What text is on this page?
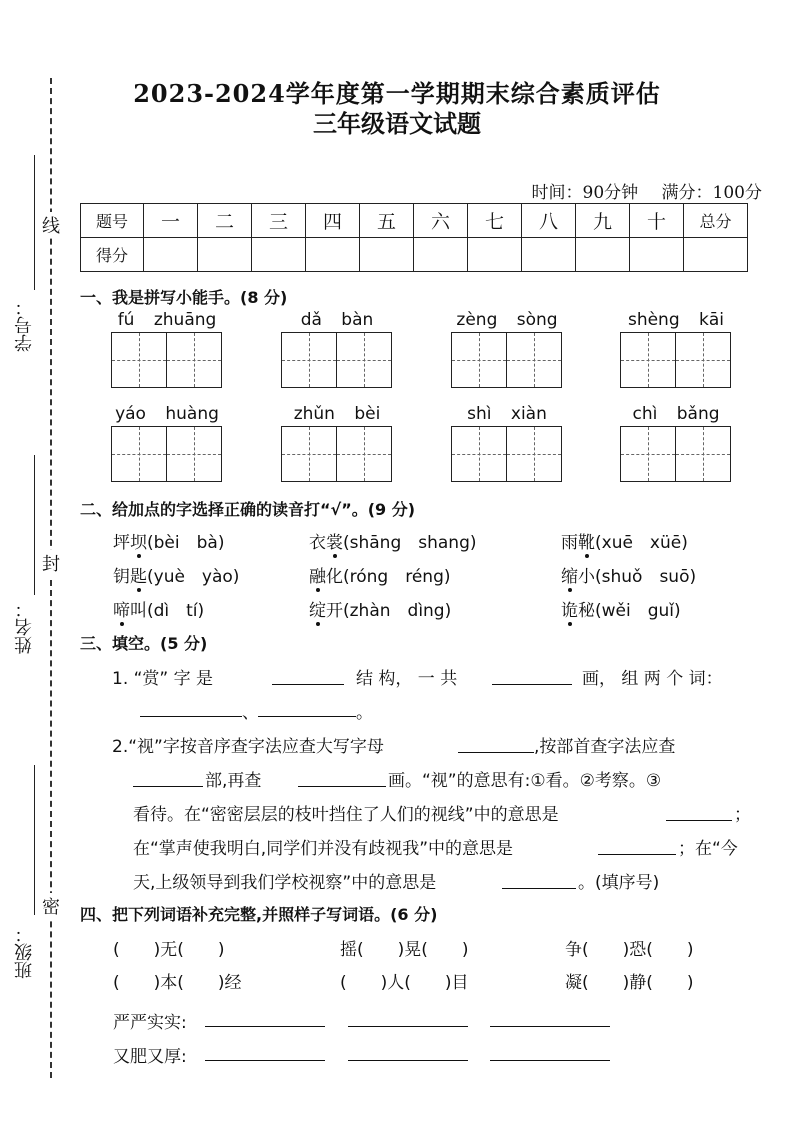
2023-2024学年度第一学期期末综合素质评估
三年级语文试题
时间：90分钟 满分：100分
线
封
密
学号：
姓名：
班级：
题号	一	二	三	四	五	六	七	八	九	十	总分
得分											
一、我是拼写小能手。(8 分)
fú zhuāng	dǎ bàn	zèng sòng	shèng kāi
yáo huàng	zhǔn bèi	shì xiàn	chì bǎng
二、给加点的字选择正确的读音打“√”。(9 分)
坪坝(bèi　bà)	衣裳(shāng　shang)	雨靴(xuē　xüē)
钥匙(yuè　yào)	融化(róng　réng)	缩小(shuǒ　suō)
啼叫(dì　tí)	绽开(zhàn　dìng)	诡秘(wěi　guǐ)
三、填空。(5 分)
1. “赏” 字 是	结 构， 一 共	画， 组 两 个 词：
、	。
2.“视”字按音序查字法应查大写字母	,按部首查字法应查
部,再查	画。“视”的意思有:①看。②考察。③
看待。在“密密层层的枝叶挡住了人们的视线”中的意思是	；
在“掌声使我明白,同学们并没有歧视我”中的意思是	；在“今
天,上级领导到我们学校视察”中的意思是	。(填序号)
四、把下列词语补充完整,并照样子写词语。(6 分)
(　　)无(　　)	摇(　　)晃(　　)	争(　　)恐(　　)
(　　)本(　　)经	(　　)人(　　)目	凝(　　)静(　　)
严严实实:
又肥又厚:
